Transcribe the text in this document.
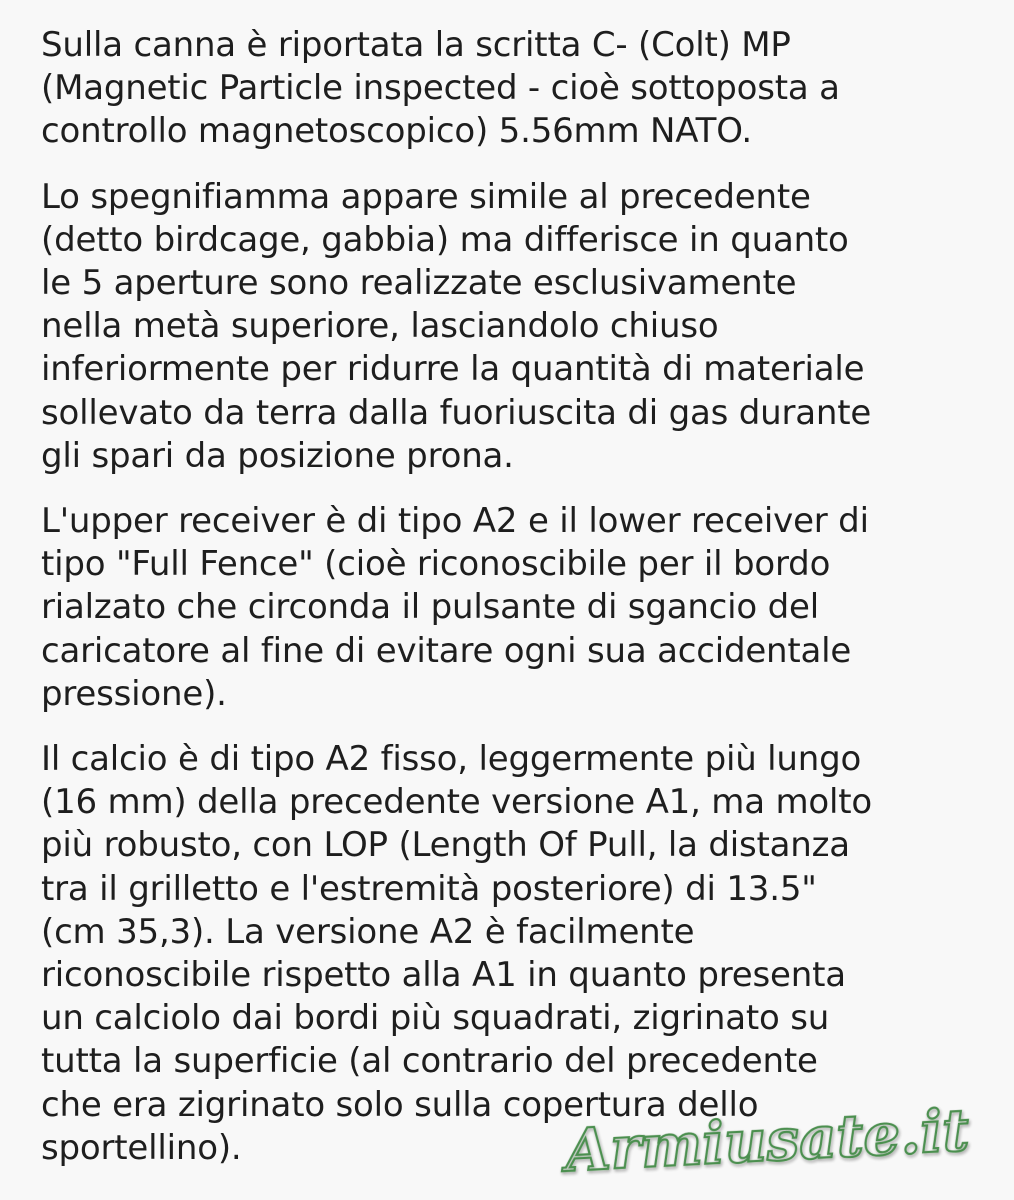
Sulla canna è riportata la scritta C- (Colt) MP
(Magnetic Particle inspected - cioè sottoposta a
controllo magnetoscopico) 5.56mm NATO.

Lo spegnifiamma appare simile al precedente
(detto birdcage, gabbia) ma differisce in quanto
le 5 aperture sono realizzate esclusivamente
nella metà superiore, lasciandolo chiuso
inferiormente per ridurre la quantità di materiale
sollevato da terra dalla fuoriuscita di gas durante
gli spari da posizione prona.

L'upper receiver è di tipo A2 e il lower receiver di
tipo "Full Fence" (cioè riconoscibile per il bordo
rialzato che circonda il pulsante di sgancio del
caricatore al fine di evitare ogni sua accidentale
pressione).

Il calcio è di tipo A2 fisso, leggermente più lungo
(16 mm) della precedente versione A1, ma molto
più robusto, con LOP (Length Of Pull, la distanza
tra il grilletto e l'estremità posteriore) di 13.5"
(cm 35,3). La versione A2 è facilmente
riconoscibile rispetto alla A1 in quanto presenta
un calciolo dai bordi più squadrati, zigrinato su
tutta la superficie (al contrario del precedente
che era zigrinato solo sulla copertura dello
sportellino).	Armiusate.it
